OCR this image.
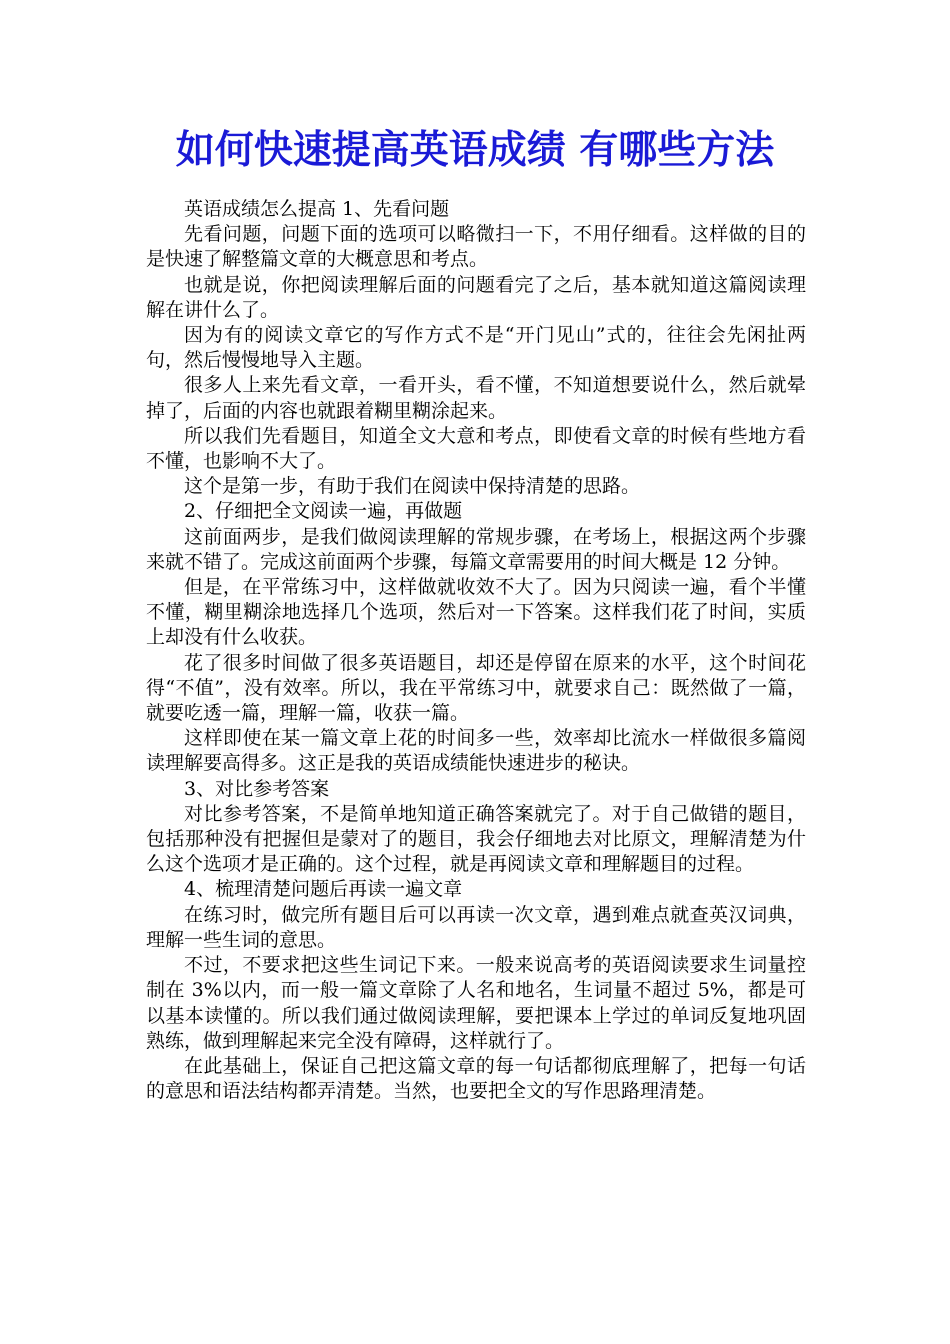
如何快速提高英语成绩 有哪些方法

英语成绩怎么提高 1、先看问题

先看问题，问题下面的选项可以略微扫一下，不用仔细看。这样做的目的是快速了解整篇文章的大概意思和考点。

也就是说，你把阅读理解后面的问题看完了之后，基本就知道这篇阅读理解在讲什么了。

因为有的阅读文章它的写作方式不是“开门见山”式的，往往会先闲扯两句，然后慢慢地导入主题。

很多人上来先看文章，一看开头，看不懂，不知道想要说什么，然后就晕掉了，后面的内容也就跟着糊里糊涂起来。

所以我们先看题目，知道全文大意和考点，即使看文章的时候有些地方看不懂，也影响不大了。

这个是第一步，有助于我们在阅读中保持清楚的思路。

2、仔细把全文阅读一遍，再做题

这前面两步，是我们做阅读理解的常规步骤，在考场上，根据这两个步骤来就不错了。完成这前面两个步骤，每篇文章需要用的时间大概是 12 分钟。

但是，在平常练习中，这样做就收效不大了。因为只阅读一遍，看个半懂不懂，糊里糊涂地选择几个选项，然后对一下答案。这样我们花了时间，实质上却没有什么收获。

花了很多时间做了很多英语题目，却还是停留在原来的水平，这个时间花得“不值”，没有效率。所以，我在平常练习中，就要求自己：既然做了一篇，就要吃透一篇，理解一篇，收获一篇。

这样即使在某一篇文章上花的时间多一些，效率却比流水一样做很多篇阅读理解要高得多。这正是我的英语成绩能快速进步的秘诀。

3、对比参考答案

对比参考答案，不是简单地知道正确答案就完了。对于自己做错的题目，包括那种没有把握但是蒙对了的题目，我会仔细地去对比原文，理解清楚为什么这个选项才是正确的。这个过程，就是再阅读文章和理解题目的过程。

4、梳理清楚问题后再读一遍文章

在练习时，做完所有题目后可以再读一次文章，遇到难点就查英汉词典，理解一些生词的意思。

不过，不要求把这些生词记下来。一般来说高考的英语阅读要求生词量控制在 3%以内，而一般一篇文章除了人名和地名，生词量不超过 5%，都是可以基本读懂的。所以我们通过做阅读理解，要把课本上学过的单词反复地巩固熟练，做到理解起来完全没有障碍，这样就行了。

在此基础上，保证自己把这篇文章的每一句话都彻底理解了，把每一句话的意思和语法结构都弄清楚。当然，也要把全文的写作思路理清楚。
